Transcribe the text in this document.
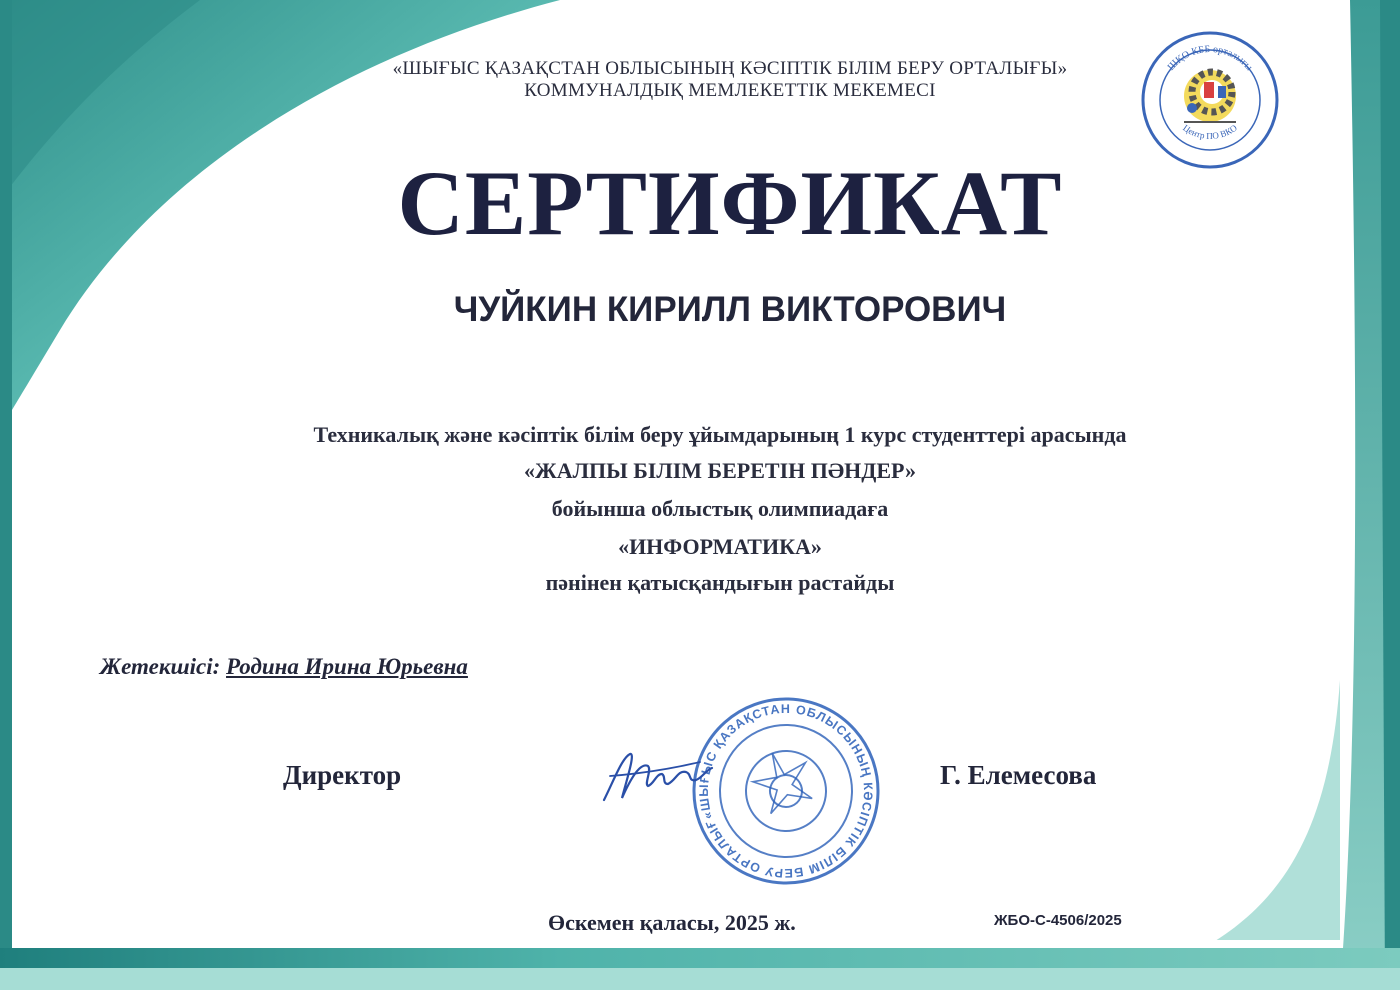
ШҚО КББ орталығы
Центр ПО ВКО
«ШЫҒЫС ҚАЗАҚСТАН ОБЛЫСЫНЫҢ КӘСІПТІК БІЛІМ БЕРУ ОРТАЛЫҒЫ»
КОММУНАЛДЫҚ МЕМЛЕКЕТТІК МЕКЕМЕСІ
СЕРТИФИКАТ
ЧУЙКИН КИРИЛЛ ВИКТОРОВИЧ
Техникалық және кәсіптік білім беру ұйымдарының 1 курс студенттері арасында
«ЖАЛПЫ БІЛІМ БЕРЕТІН ПӘНДЕР»
бойынша облыстық олимпиадаға
«ИНФОРМАТИКА»
пәнінен қатысқандығын растайды
Жетекшісі: Родина Ирина Юрьевна
Директор
«ШЫҒЫС ҚАЗАҚСТАН ОБЛЫСЫНЫҢ КӘСІПТІК БІЛІМ БЕРУ ОРТАЛЫҒЫ»
Г. Елемесова
Өскемен қаласы, 2025 ж.	ЖБО-С-4506/2025
